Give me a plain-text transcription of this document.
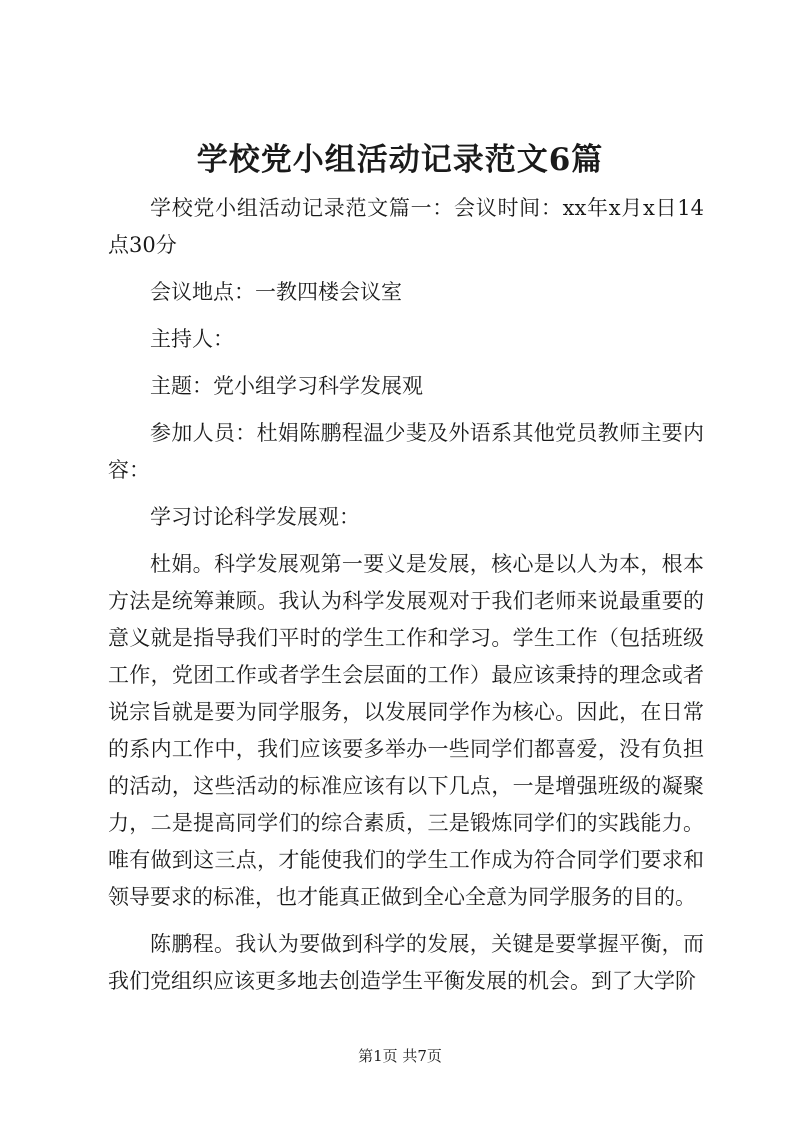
学校党小组活动记录范文6篇

学校党小组活动记录范文篇一：会议时间：xx年x月x日14点30分

会议地点：一教四楼会议室

主持人：

主题：党小组学习科学发展观

参加人员：杜娟陈鹏程温少斐及外语系其他党员教师主要内容：

学习讨论科学发展观：

杜娟。科学发展观第一要义是发展，核心是以人为本，根本方法是统筹兼顾。我认为科学发展观对于我们老师来说最重要的意义就是指导我们平时的学生工作和学习。学生工作（包括班级工作，党团工作或者学生会层面的工作）最应该秉持的理念或者说宗旨就是要为同学服务，以发展同学作为核心。因此，在日常的系内工作中，我们应该要多举办一些同学们都喜爱，没有负担的活动，这些活动的标准应该有以下几点，一是增强班级的凝聚力，二是提高同学们的综合素质，三是锻炼同学们的实践能力。唯有做到这三点，才能使我们的学生工作成为符合同学们要求和领导要求的标准，也才能真正做到全心全意为同学服务的目的。

陈鹏程。我认为要做到科学的发展，关键是要掌握平衡，而我们党组织应该更多地去创造学生平衡发展的机会。到了大学阶

第1页 共7页
